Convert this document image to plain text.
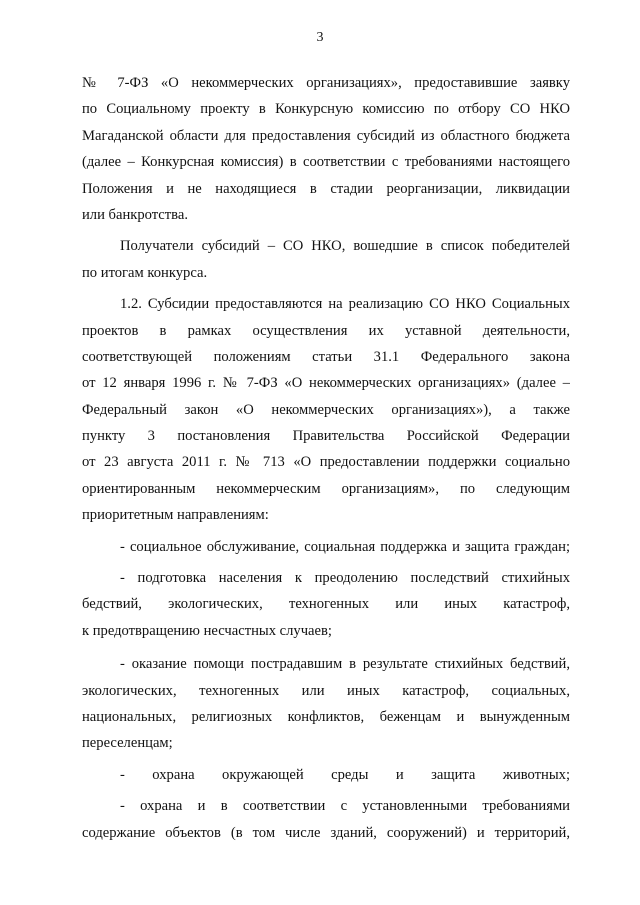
3
№ 7-ФЗ «О некоммерческих организациях», предоставившие заявку
по Социальному проекту в Конкурсную комиссию по отбору СО НКО
Магаданской области для предоставления субсидий из областного бюджета
(далее – Конкурсная комиссия) в соответствии с требованиями настоящего
Положения и не находящиеся в стадии реорганизации, ликвидации
или банкротства.
Получатели субсидий – СО НКО, вошедшие в список победителей
по итогам конкурса.
1.2. Субсидии предоставляются на реализацию СО НКО Социальных
проектов в рамках осуществления их уставной деятельности,
соответствующей положениям статьи 31.1 Федерального закона
от 12 января 1996 г. № 7-ФЗ «О некоммерческих организациях» (далее –
Федеральный закон «О некоммерческих организациях»), а также
пункту 3 постановления Правительства Российской Федерации
от 23 августа 2011 г. № 713 «О предоставлении поддержки социально
ориентированным некоммерческим организациям», по следующим
приоритетным направлениям:
- социальное обслуживание, социальная поддержка и защита граждан;
- подготовка населения к преодолению последствий стихийных
бедствий, экологических, техногенных или иных катастроф,
к предотвращению несчастных случаев;
- оказание помощи пострадавшим в результате стихийных бедствий,
экологических, техногенных или иных катастроф, социальных,
национальных, религиозных конфликтов, беженцам и вынужденным
переселенцам;
- охрана окружающей среды и защита животных;
- охрана и в соответствии с установленными требованиями
содержание объектов (в том числе зданий, сооружений) и территорий,
